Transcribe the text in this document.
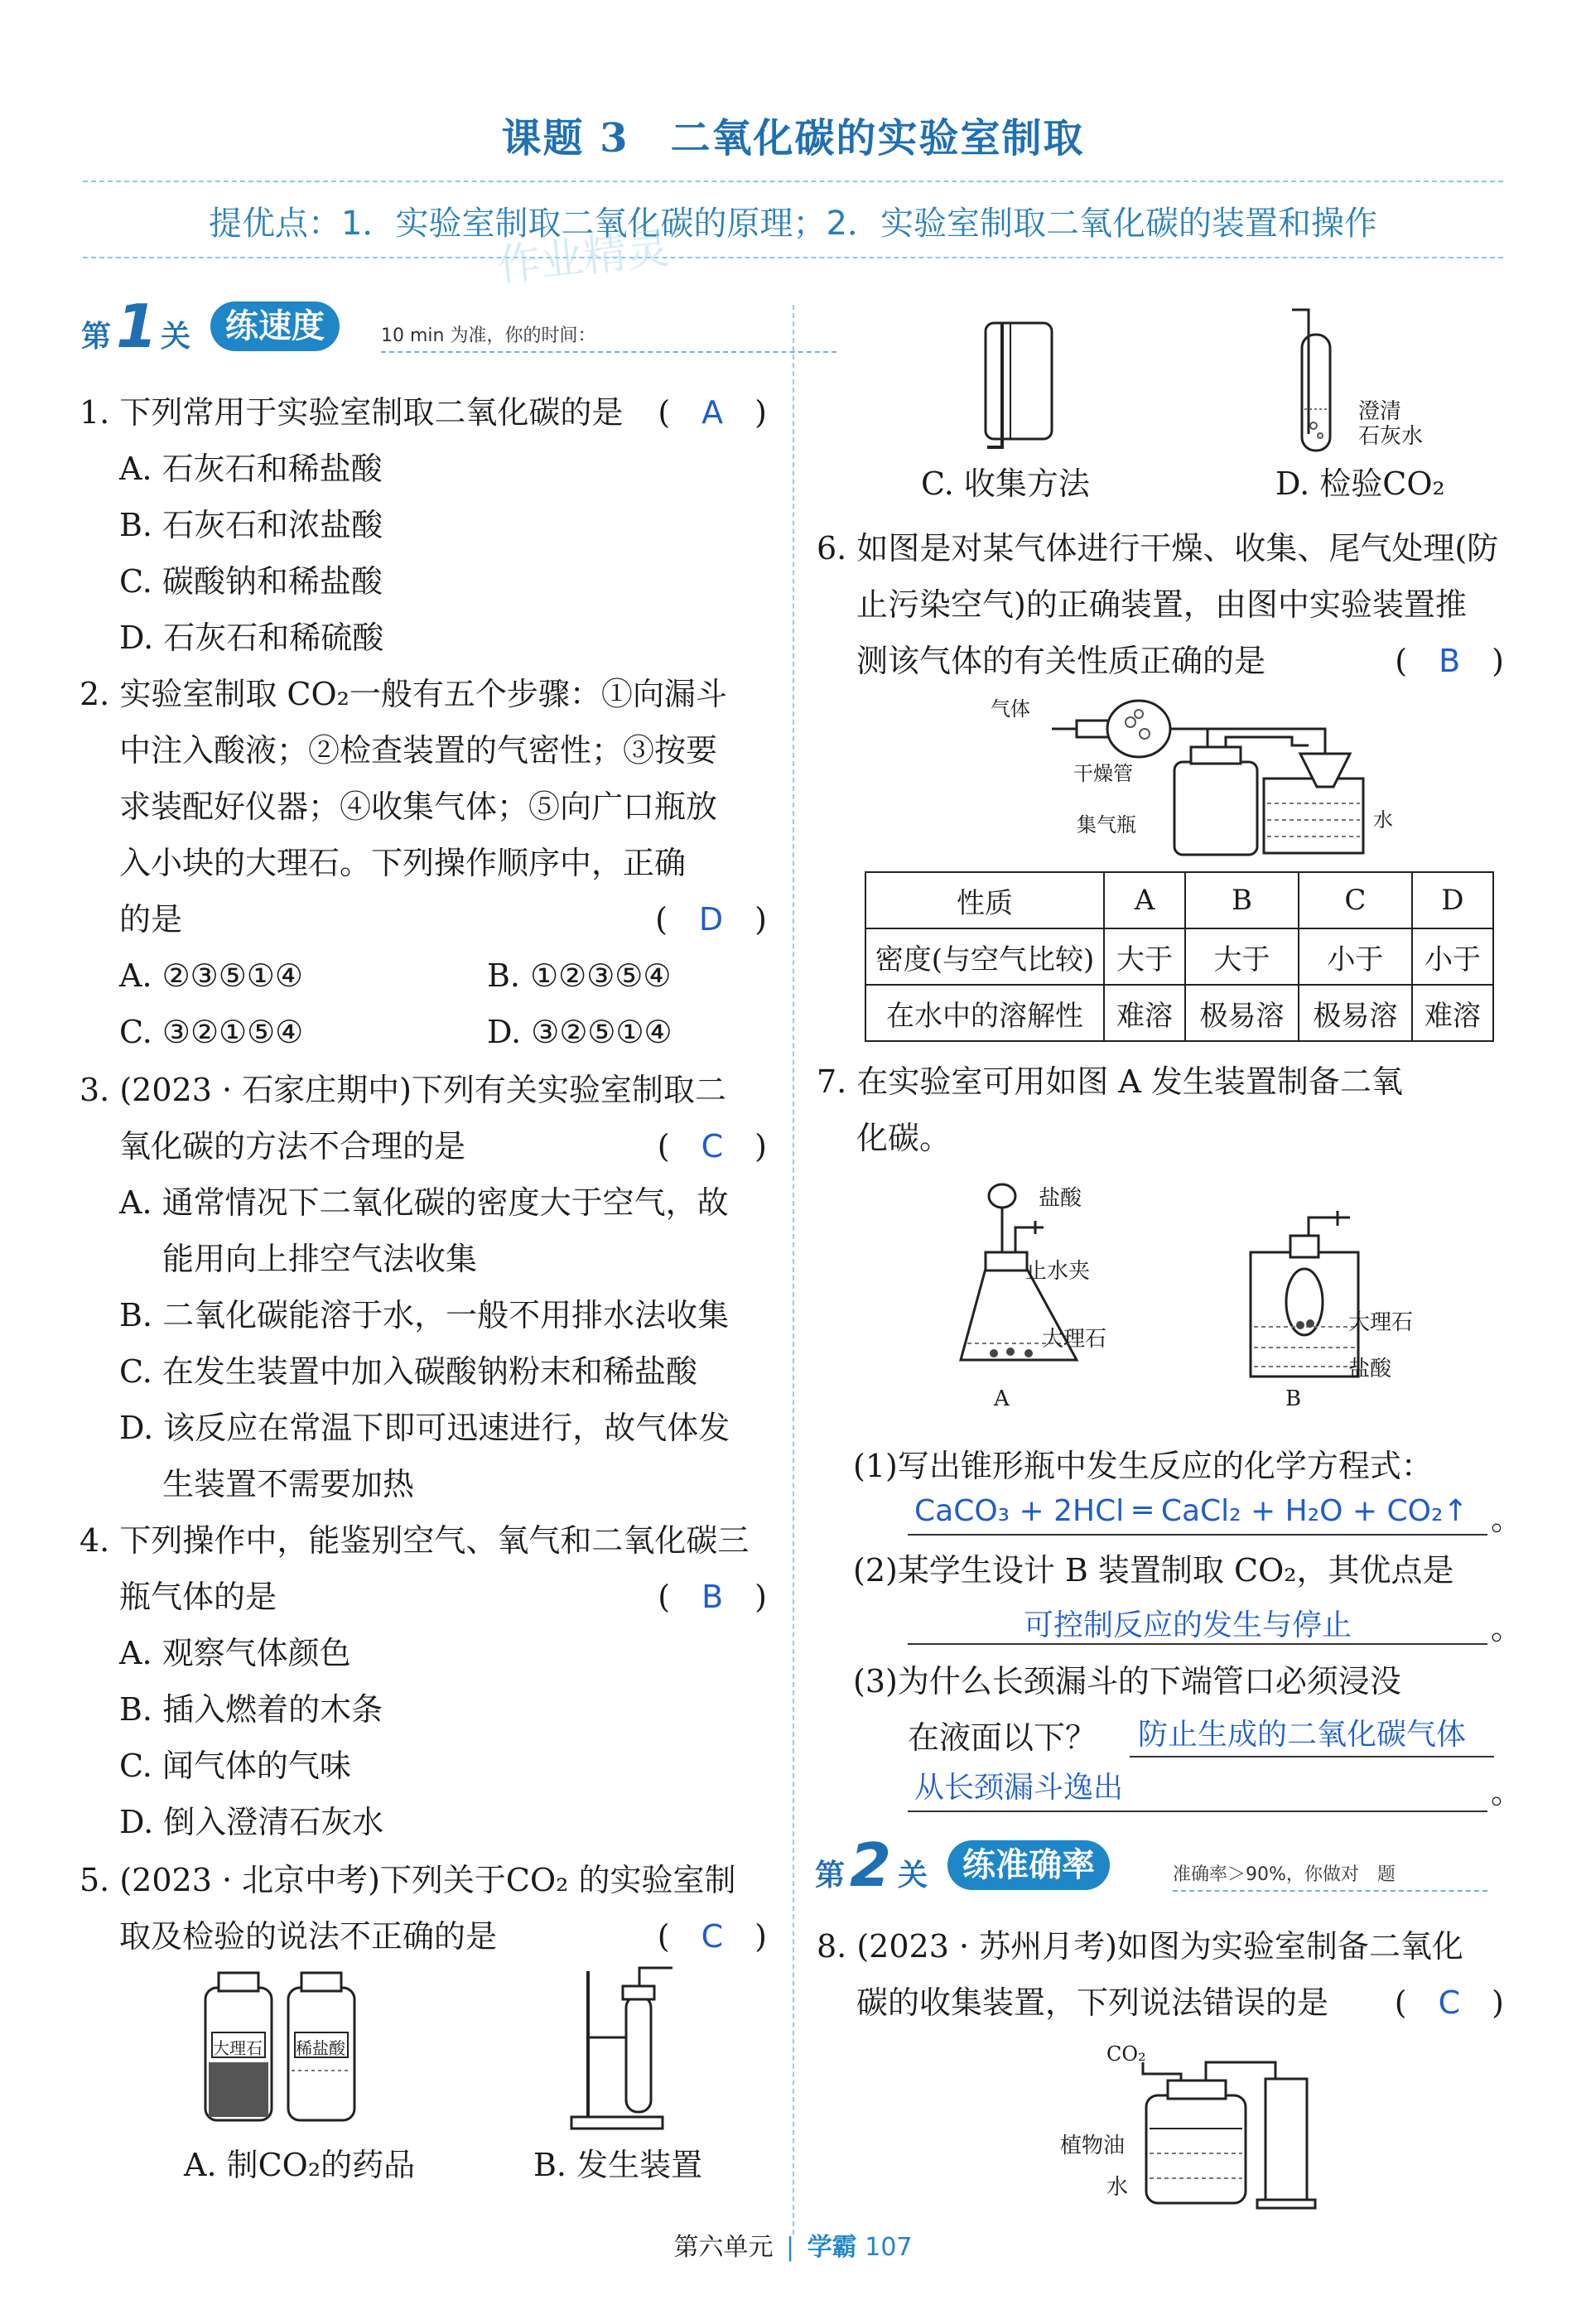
课题 3　二氧化碳的实验室制取
提优点：1．实验室制取二氧化碳的原理；2．实验室制取二氧化碳的装置和操作
作业精灵
第 1 关	练速度	10 min 为准，你的时间：
1. 下列常用于实验室制取二氧化碳的是 (　A　)
A. 石灰石和稀盐酸
B. 石灰石和浓盐酸
C. 碳酸钠和稀盐酸
D. 石灰石和稀硫酸
2. 实验室制取 CO₂一般有五个步骤：①向漏斗
中注入酸液；②检查装置的气密性；③按要
求装配好仪器；④收集气体；⑤向广口瓶放
入小块的大理石。下列操作顺序中，正确
的是	(　D　)
A. ②③⑤①④	B. ①②③⑤④
C. ③②①⑤④	D. ③②⑤①④
3. (2023 · 石家庄期中)下列有关实验室制取二
氧化碳的方法不合理的是	(　C　)
A. 通常情况下二氧化碳的密度大于空气，故
能用向上排空气法收集
B. 二氧化碳能溶于水，一般不用排水法收集
C. 在发生装置中加入碳酸钠粉末和稀盐酸
D. 该反应在常温下即可迅速进行，故气体发
生装置不需要加热
4. 下列操作中，能鉴别空气、氧气和二氧化碳三
瓶气体的是	(　B　)
A. 观察气体颜色
B. 插入燃着的木条
C. 闻气体的气味
D. 倒入澄清石灰水
5. (2023 · 北京中考)下列关于CO₂ 的实验室制
取及检验的说法不正确的是	(　C　)
大理石 稀盐酸
A. 制CO₂的药品	B. 发生装置
C. 收集方法
澄清
石灰水
D. 检验CO₂
6. 如图是对某气体进行干燥、收集、尾气处理(防
止污染空气)的正确装置，由图中实验装置推
测该气体的有关性质正确的是	(　B　)
气体
干燥管
集气瓶	水
性质	A	B	C	D
密度(与空气比较)	大于	大于	小于	小于
在水中的溶解性	难溶	极易溶	极易溶	难溶
7. 在实验室可用如图 A 发生装置制备二氧
化碳。
盐酸
止水夹
大理石
A
大理石
盐酸
B
(1)写出锥形瓶中发生反应的化学方程式：
CaCO₃ + 2HCl ═ CaCl₂ + H₂O + CO₂↑ 。
(2)某学生设计 B 装置制取 CO₂，其优点是
可控制反应的发生与停止	。
(3)为什么长颈漏斗的下端管口必须浸没
在液面以下？ 防止生成的二氧化碳气体
从长颈漏斗逸出	。
第 2 关	练准确率	准确率＞90%，你做对　题
8. (2023 · 苏州月考)如图为实验室制备二氧化
碳的收集装置，下列说法错误的是 (　C　)
CO₂
植物油
水
第六单元 | 学霸 107
